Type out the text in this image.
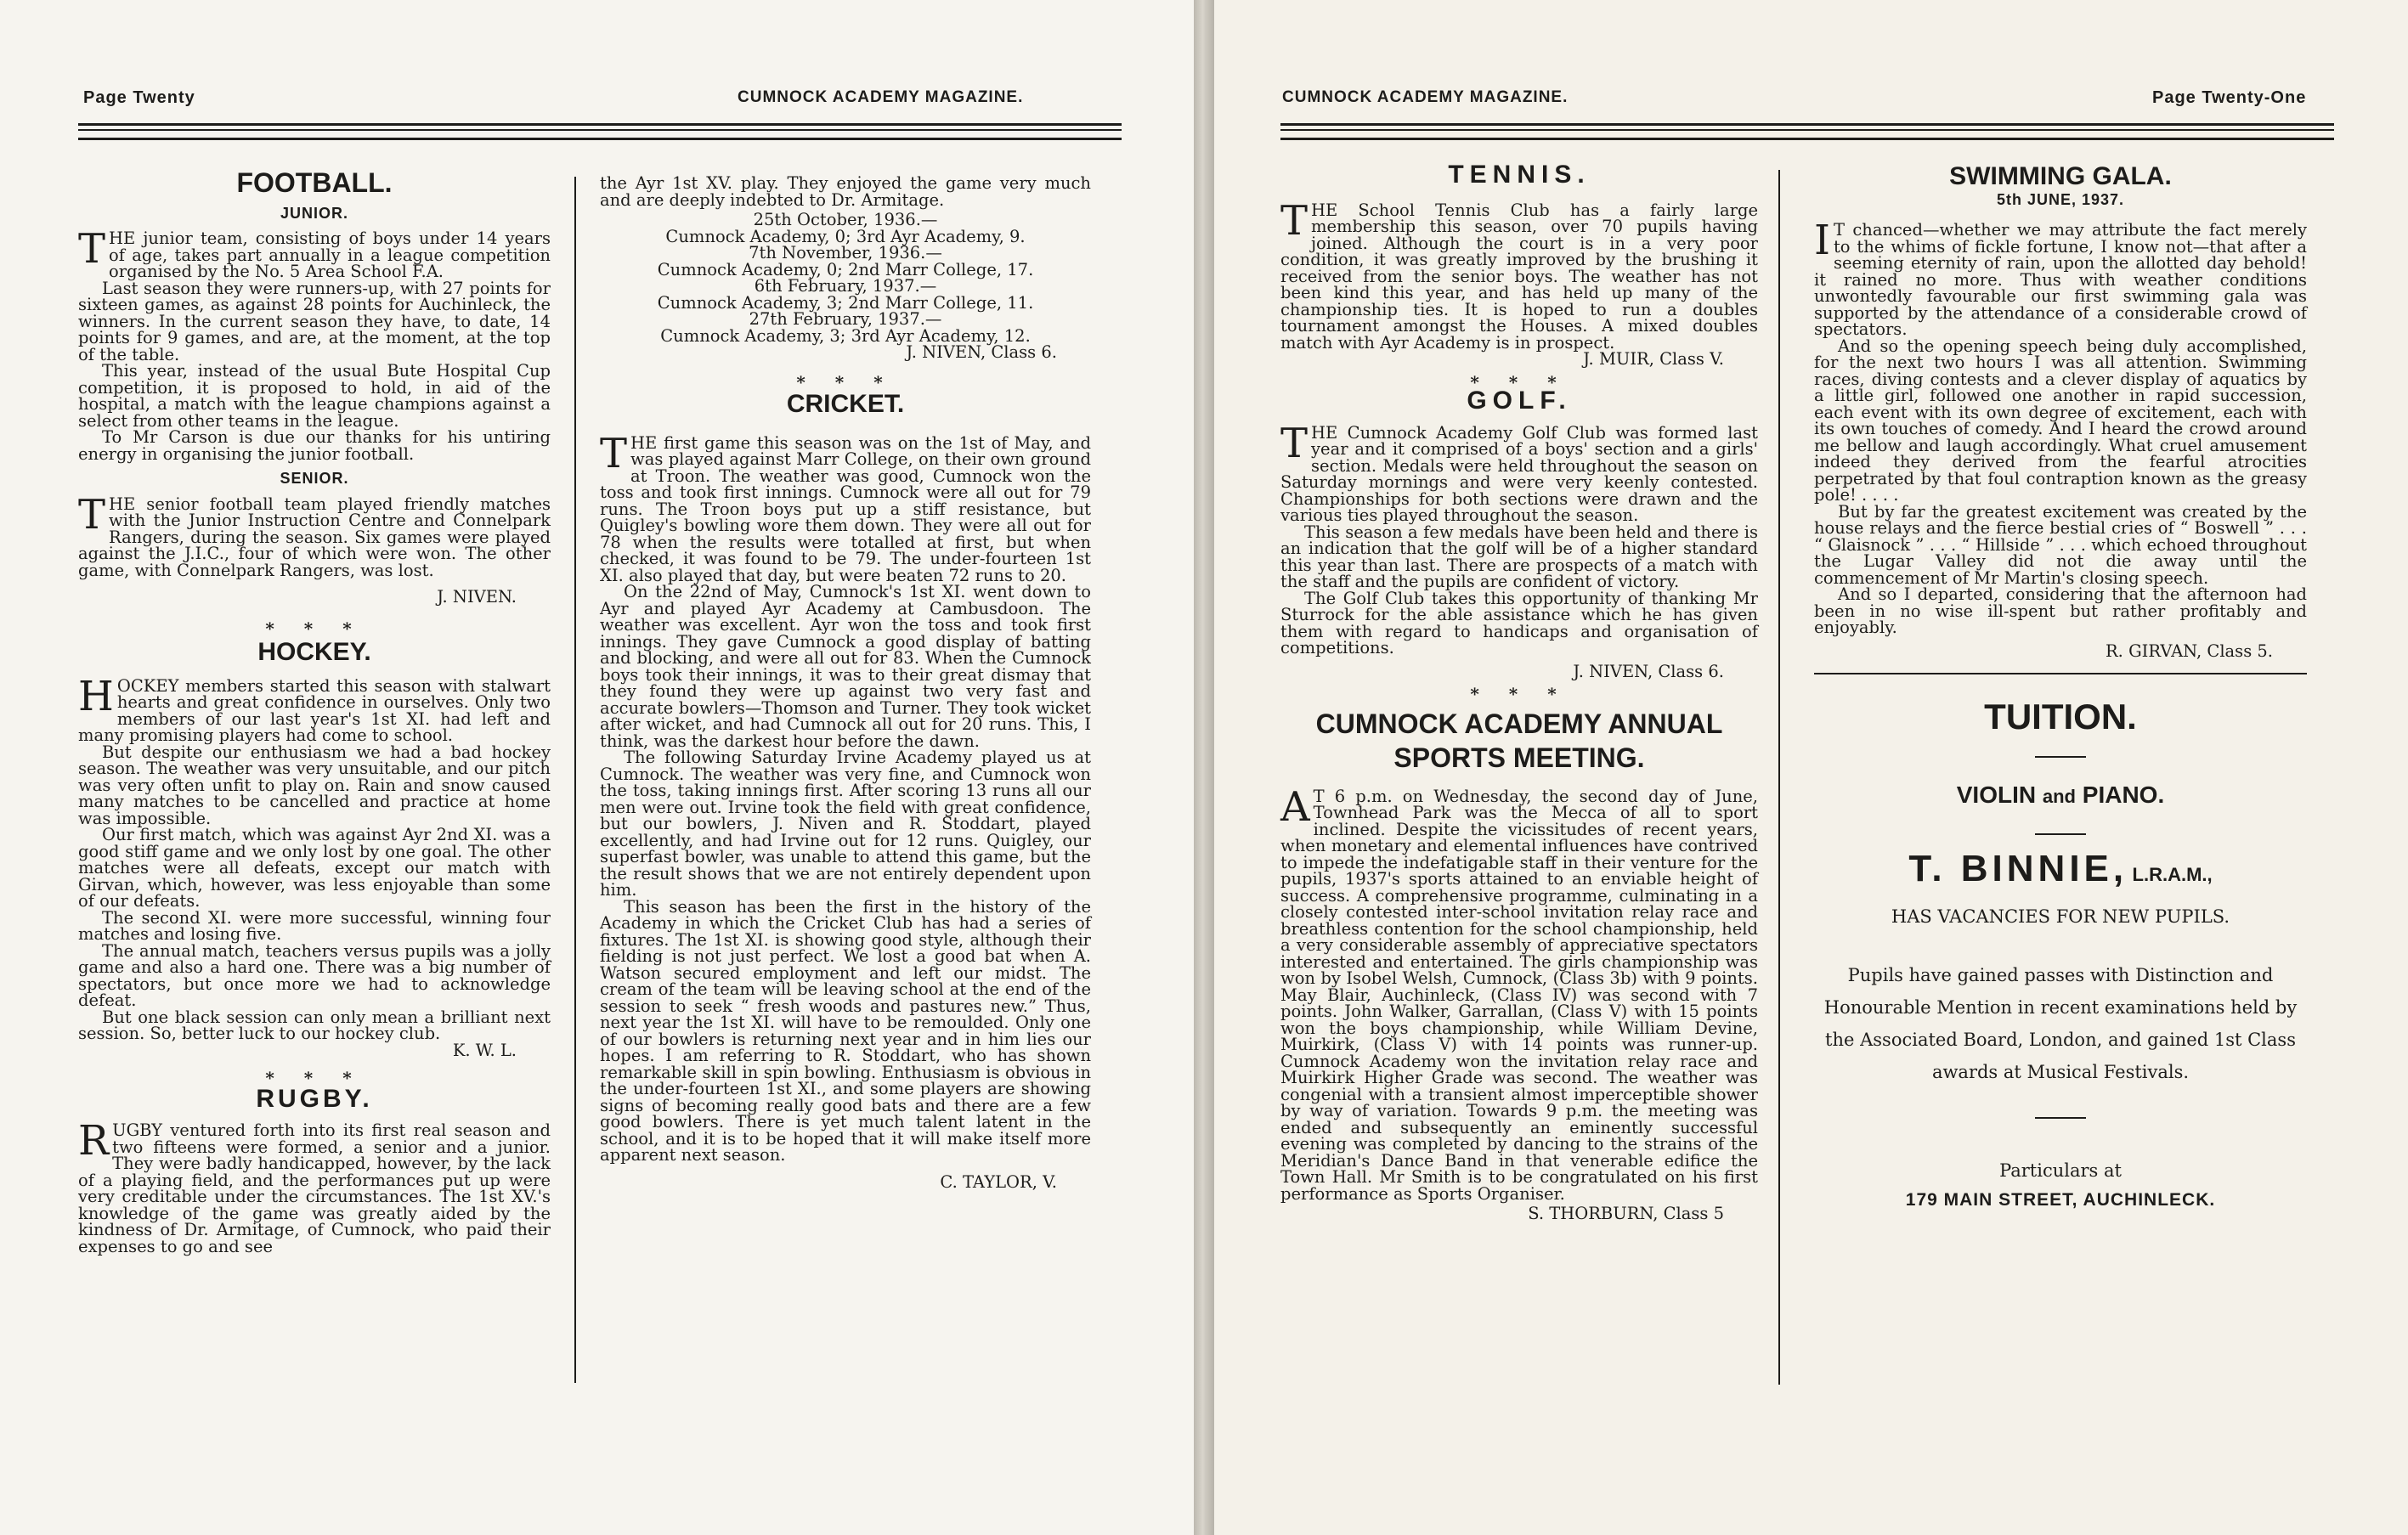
Page Twenty	CUMNOCK ACADEMY MAGAZINE.
FOOTBALL.
JUNIOR.

THE junior team, consisting of boys under 14 years of age, takes part annually in a league competition organised by the No. 5 Area School F.A.

Last season they were runners-up, with 27 points for sixteen games, as against 28 points for Auchinleck, the winners. In the current season they have, to date, 14 points for 9 games, and are, at the moment, at the top of the table.

This year, instead of the usual Bute Hospital Cup competition, it is proposed to hold, in aid of the hospital, a match with the league champions against a select from other teams in the league.

To Mr Carson is due our thanks for his untiring energy in organising the junior football.

SENIOR.

THE senior football team played friendly matches with the Junior Instruction Centre and Connelpark Rangers, during the season. Six games were played against the J.I.C., four of which were won. The other game, with Connelpark Rangers, was lost.

J. NIVEN.

* * *
HOCKEY.

HOCKEY members started this season with stalwart hearts and great confidence in ourselves. Only two members of our last year's 1st XI. had left and many promising players had come to school.

But despite our enthusiasm we had a bad hockey season. The weather was very unsuitable, and our pitch was very often unfit to play on. Rain and snow caused many matches to be cancelled and practice at home was impossible.

Our first match, which was against Ayr 2nd XI. was a good stiff game and we only lost by one goal. The other matches were all defeats, except our match with Girvan, which, however, was less enjoyable than some of our defeats.

The second XI. were more successful, winning four matches and losing five.

The annual match, teachers versus pupils was a jolly game and also a hard one. There was a big number of spectators, but once more we had to acknowledge defeat.

But one black session can only mean a brilliant next session. So, better luck to our hockey club.

K. W. L.

* * *
RUGBY.

RUGBY ventured forth into its first real season and two fifteens were formed, a senior and a junior. They were badly handicapped, however, by the lack of a playing field, and the performances put up were very creditable under the circumstances. The 1st XV.'s knowledge of the game was greatly aided by the kindness of Dr. Armitage, of Cumnock, who paid their expenses to go and see

the Ayr 1st XV. play. They enjoyed the game very much and are deeply indebted to Dr. Armitage.

25th October, 1936.—
Cumnock Academy, 0; 3rd Ayr Academy, 9.
7th November, 1936.—
Cumnock Academy, 0; 2nd Marr College, 17.
6th February, 1937.—
Cumnock Academy, 3; 2nd Marr College, 11.
27th February, 1937.—
Cumnock Academy, 3; 3rd Ayr Academy, 12.

J. NIVEN, Class 6.

* * *
CRICKET.

THE first game this season was on the 1st of May, and was played against Marr College, on their own ground at Troon. The weather was good, Cumnock won the toss and took first innings. Cumnock were all out for 79 runs. The Troon boys put up a stiff resistance, but Quigley's bowling wore them down. They were all out for 78 when the results were totalled at first, but when checked, it was found to be 79. The under-fourteen 1st XI. also played that day, but were beaten 72 runs to 20.

On the 22nd of May, Cumnock's 1st XI. went down to Ayr and played Ayr Academy at Cambusdoon. The weather was excellent. Ayr won the toss and took first innings. They gave Cumnock a good display of batting and blocking, and were all out for 83. When the Cumnock boys took their innings, it was to their great dismay that they found they were up against two very fast and accurate bowlers—Thomson and Turner. They took wicket after wicket, and had Cumnock all out for 20 runs. This, I think, was the darkest hour before the dawn.

The following Saturday Irvine Academy played us at Cumnock. The weather was very fine, and Cumnock won the toss, taking innings first. After scoring 13 runs all our men were out. Irvine took the field with great confidence, but our bowlers, J. Niven and R. Stoddart, played excellently, and had Irvine out for 12 runs. Quigley, our superfast bowler, was unable to attend this game, but the the result shows that we are not entirely dependent upon him.

This season has been the first in the history of the Academy in which the Cricket Club has had a series of fixtures. The 1st XI. is showing good style, although their fielding is not just perfect. We lost a good bat when A. Watson secured employment and left our midst. The cream of the team will be leaving school at the end of the session to seek “ fresh woods and pastures new.” Thus, next year the 1st XI. will have to be remoulded. Only one of our bowlers is returning next year and in him lies our hopes. I am referring to R. Stoddart, who has shown remarkable skill in spin bowling. Enthusiasm is obvious in the under-fourteen 1st XI., and some players are showing signs of becoming really good bats and there are a few good bowlers. There is yet much talent latent in the school, and it is to be hoped that it will make itself more apparent next season.

C. TAYLOR, V.

CUMNOCK ACADEMY MAGAZINE.	Page Twenty-One
TENNIS.

THE School Tennis Club has a fairly large membership this season, over 70 pupils having joined. Although the court is in a very poor condition, it was greatly improved by the brushing it received from the senior boys. The weather has not been kind this year, and has held up many of the championship ties. It is hoped to run a doubles tournament amongst the Houses. A mixed doubles match with Ayr Academy is in prospect.

J. MUIR, Class V.

* * *
GOLF.

THE Cumnock Academy Golf Club was formed last year and it comprised of a boys' section and a girls' section. Medals were held throughout the season on Saturday mornings and were very keenly contested. Championships for both sections were drawn and the various ties played throughout the season.

This season a few medals have been held and there is an indication that the golf will be of a higher standard this year than last. There are prospects of a match with the staff and the pupils are confident of victory.

The Golf Club takes this opportunity of thanking Mr Sturrock for the able assistance which he has given them with regard to handicaps and organisation of competitions.

J. NIVEN, Class 6.

* * *
CUMNOCK ACADEMY ANNUAL
SPORTS MEETING.

A T 6 p.m. on Wednesday, the second day of June, Townhead Park was the Mecca of all to sport inclined. Despite the vicissitudes of recent years, when monetary and elemental influences have contrived to impede the indefatigable staff in their venture for the pupils, 1937's sports attained to an enviable height of success. A comprehensive programme, culminating in a closely contested inter-school invitation relay race and breathless contention for the school championship, held a very considerable assembly of appreciative spectators interested and entertained. The girls championship was won by Isobel Welsh, Cumnock, (Class 3b) with 9 points. May Blair, Auchinleck, (Class IV) was second with 7 points. John Walker, Garrallan, (Class V) with 15 points won the boys championship, while William Devine, Muirkirk, (Class V) with 14 points was runner-up. Cumnock Academy won the invitation relay race and Muirkirk Higher Grade was second. The weather was congenial with a transient almost imperceptible shower by way of variation. Towards 9 p.m. the meeting was ended and subsequently an eminently successful evening was completed by dancing to the strains of the Meridian's Dance Band in that venerable edifice the Town Hall. Mr Smith is to be congratulated on his first performance as Sports Organiser.

S. THORBURN, Class 5

SWIMMING GALA.
5th JUNE, 1937.

I T chanced—whether we may attribute the fact merely to the whims of fickle fortune, I know not—that after a seeming eternity of rain, upon the allotted day behold! it rained no more. Thus with weather conditions unwontedly favourable our first swimming gala was supported by the attendance of a considerable crowd of spectators.

And so the opening speech being duly accomplished, for the next two hours I was all attention. Swimming races, diving contests and a clever display of aquatics by a little girl, followed one another in rapid succession, each event with its own degree of excitement, each with its own touches of comedy. And I heard the crowd around me bellow and laugh accordingly. What cruel amusement indeed they derived from the fearful atrocities perpetrated by that foul contraption known as the greasy pole! . . . .

But by far the greatest excitement was created by the house relays and the fierce bestial cries of “ Boswell ” . . . “ Glaisnock ” . . . “ Hillside ” . . . which echoed throughout the Lugar Valley did not die away until the commencement of Mr Martin's closing speech.

And so I departed, considering that the afternoon had been in no wise ill-spent but rather profitably and enjoyably.

R. GIRVAN, Class 5.

TUITION.
VIOLIN and PIANO.
T. BINNIE, L.R.A.M.,
HAS VACANCIES FOR NEW PUPILS.
Pupils have gained passes with Distinction and Honourable Mention in recent examinations held by the Associated Board, London, and gained 1st Class awards at Musical Festivals.
Particulars at
179 MAIN STREET, AUCHINLECK.
